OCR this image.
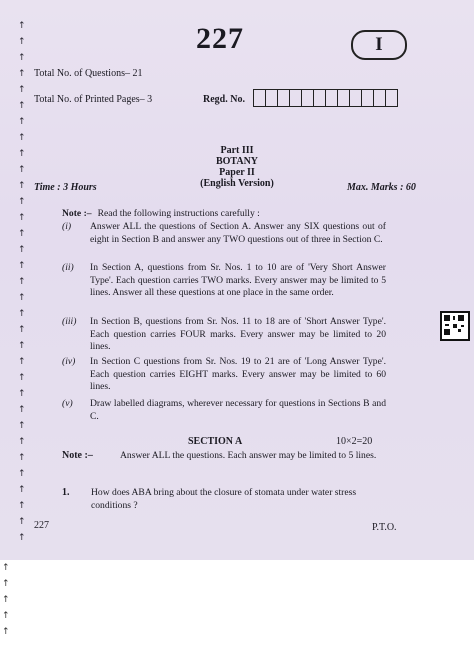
↑
↑
↑
↑
↑
↑
↑
↑
↑
↑
↑
↑
↑
↑
↑
↑
↑
↑
↑
↑
↑
↑
↑
↑
↑
↑
↑
↑
↑
↑
↑
↑
↑
↑
↑
↑
↑
↑
227	I
Total No. of Questions– 21
Total No. of Printed Pages– 3	Regd. No.
Part III
BOTANY
Paper II
(English Version)
Time : 3 Hours	Max. Marks : 60
Note :– Read the following instructions carefully :
(i) Answer ALL the questions of Section A. Answer any SIX questions out of eight in Section B and answer any TWO questions out of three in Section C.
(ii) In Section A, questions from Sr. Nos. 1 to 10 are of 'Very Short Answer Type'. Each question carries TWO marks. Every answer may be limited to 5 lines. Answer all these questions at one place in the same order.
(iii) In Section B, questions from Sr. Nos. 11 to 18 are of 'Short Answer Type'. Each question carries FOUR marks. Every answer may be limited to 20 lines.
(iv) In Section C questions from Sr. Nos. 19 to 21 are of 'Long Answer Type'. Each question carries EIGHT marks. Every answer may be limited to 60 lines.
(v) Draw labelled diagrams, wherever necessary for questions in Sections B and C.
SECTION A	10×2=20
Note :–	Answer ALL the questions. Each answer may be limited to 5 lines.
1. How does ABA bring about the closure of stomata under water stress conditions ?
227	P.T.O.
